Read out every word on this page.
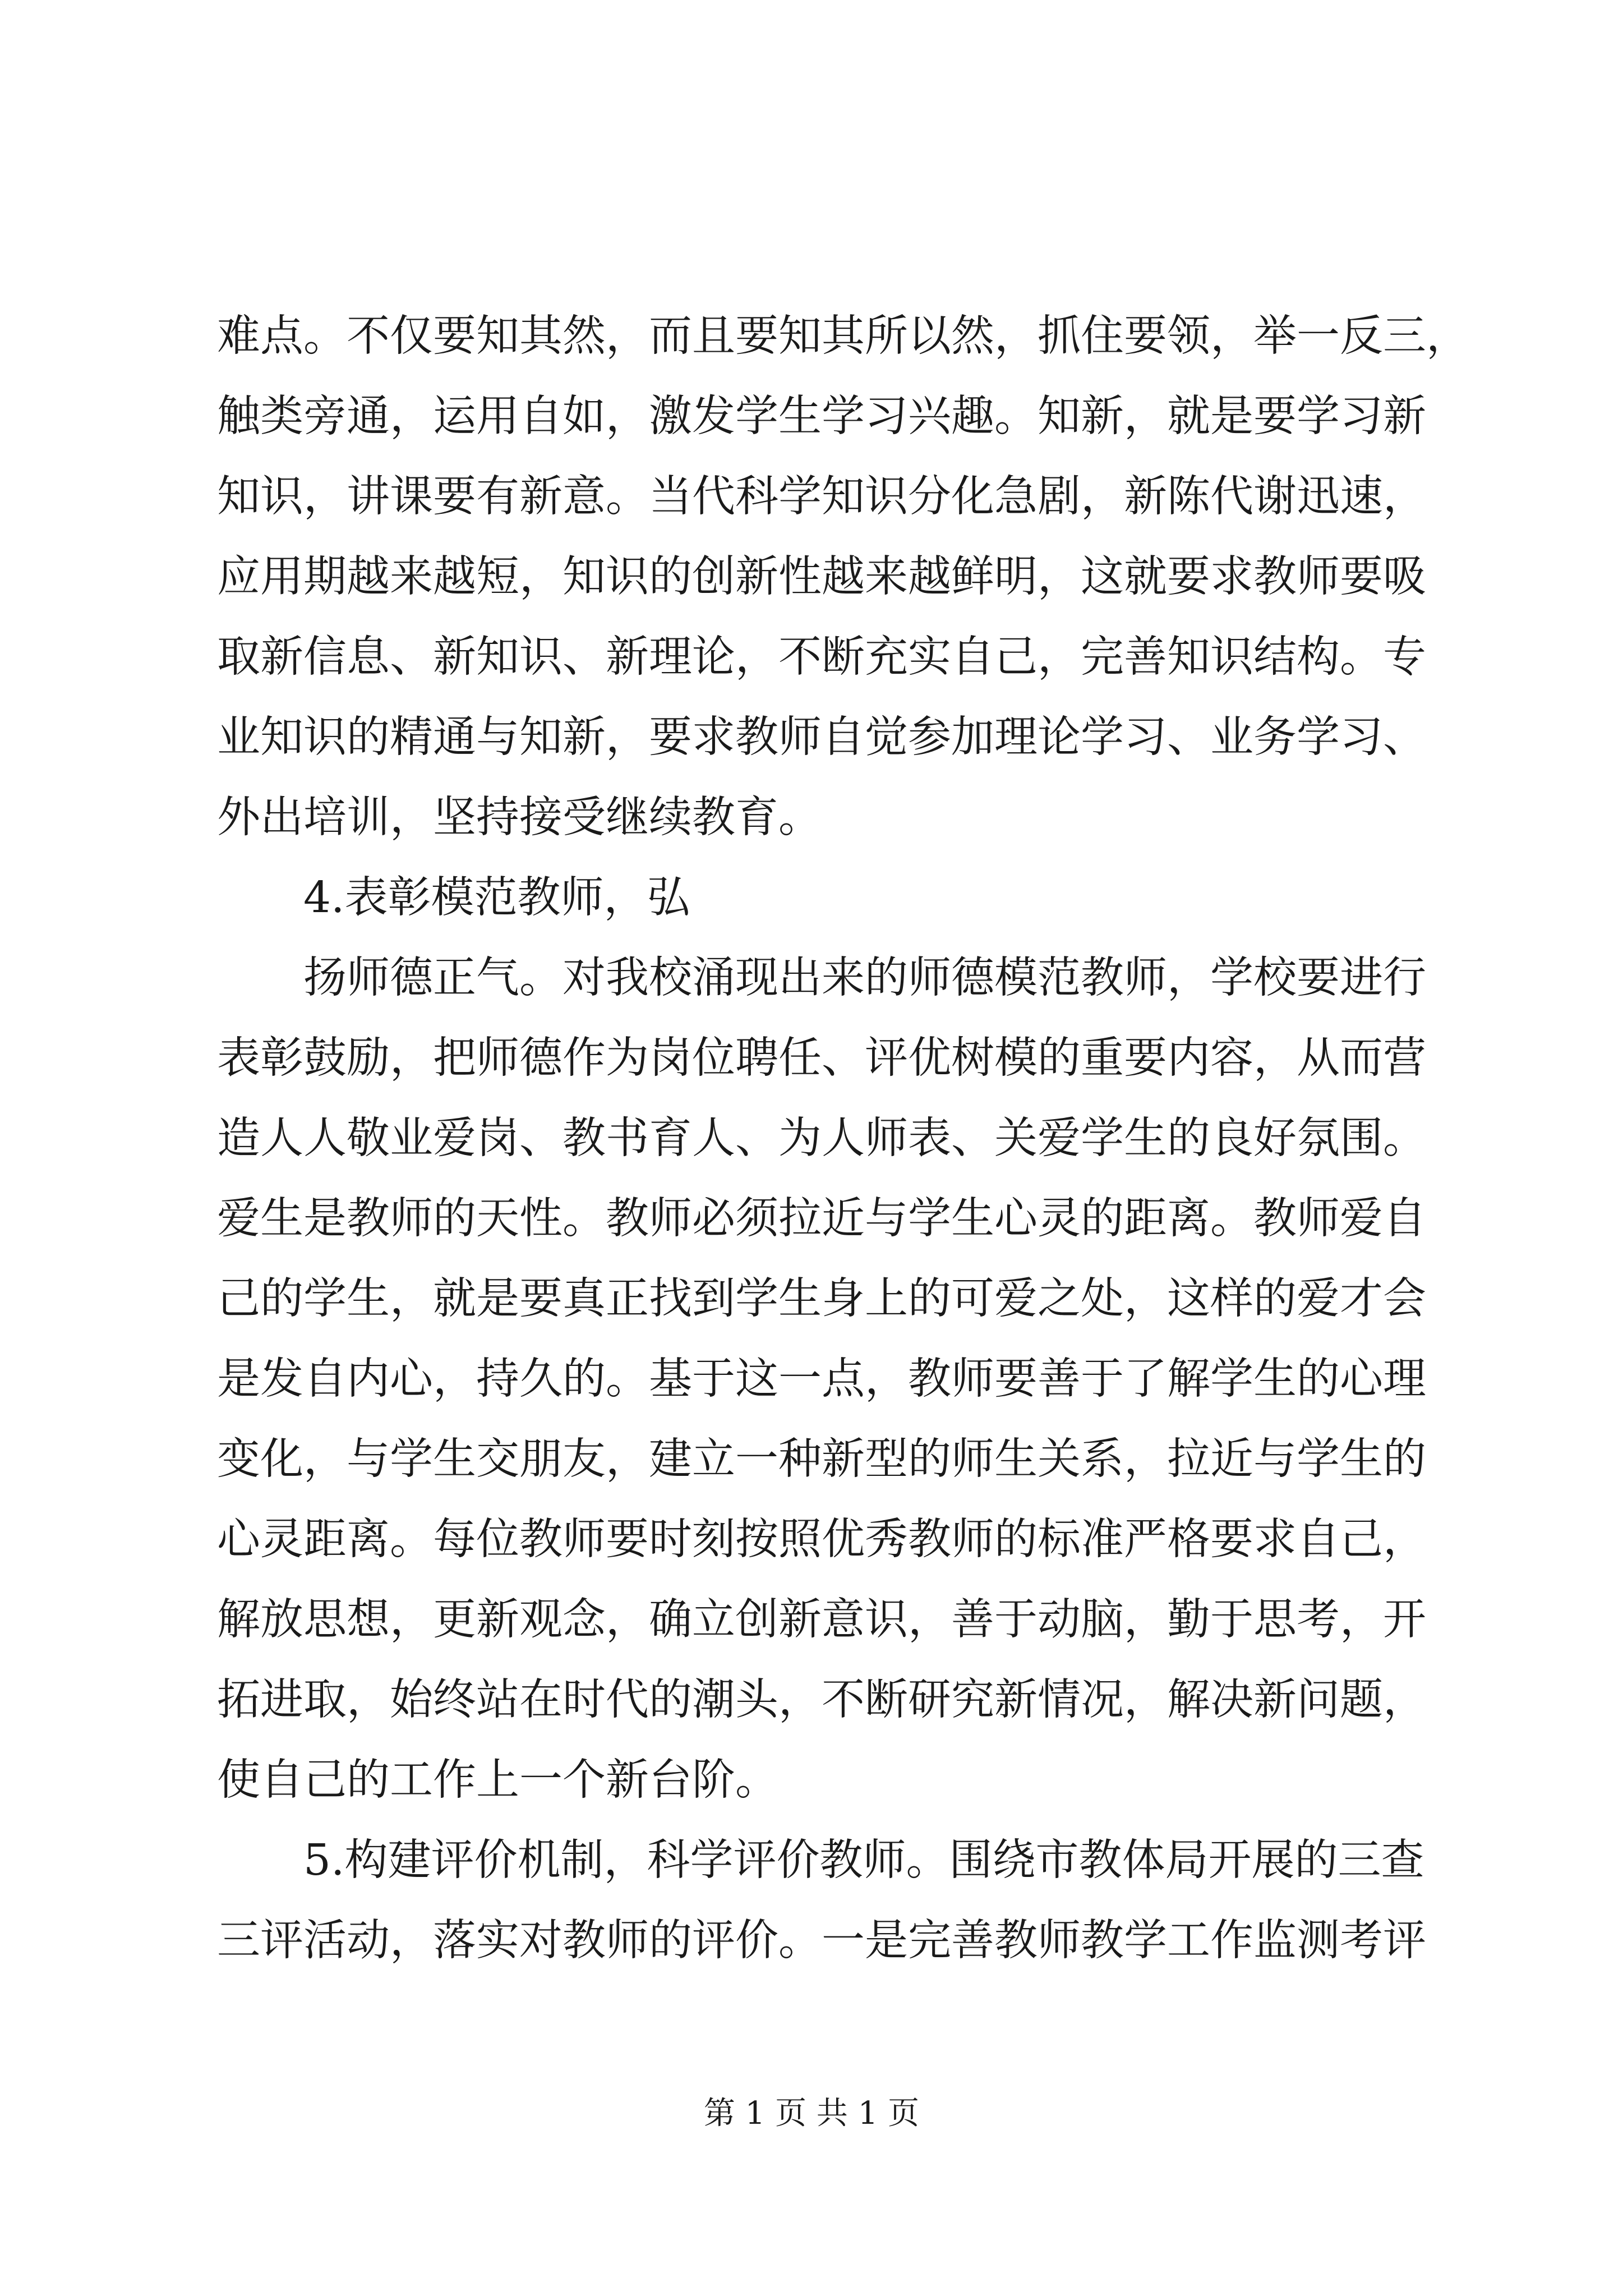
难点。不仅要知其然，而且要知其所以然，抓住要领，举一反三，
触类旁通，运用自如，激发学生学习兴趣。知新，就是要学习新
知识，讲课要有新意。当代科学知识分化急剧，新陈代谢迅速，
应用期越来越短，知识的创新性越来越鲜明，这就要求教师要吸
取新信息、新知识、新理论，不断充实自己，完善知识结构。专
业知识的精通与知新，要求教师自觉参加理论学习、业务学习、
外出培训，坚持接受继续教育。
4.表彰模范教师，弘
扬师德正气。对我校涌现出来的师德模范教师，学校要进行
表彰鼓励，把师德作为岗位聘任、评优树模的重要内容，从而营
造人人敬业爱岗、教书育人、为人师表、关爱学生的良好氛围。
爱生是教师的天性。教师必须拉近与学生心灵的距离。教师爱自
己的学生，就是要真正找到学生身上的可爱之处，这样的爱才会
是发自内心，持久的。基于这一点，教师要善于了解学生的心理
变化，与学生交朋友，建立一种新型的师生关系，拉近与学生的
心灵距离。每位教师要时刻按照优秀教师的标准严格要求自己，
解放思想，更新观念，确立创新意识，善于动脑，勤于思考，开
拓进取，始终站在时代的潮头，不断研究新情况，解决新问题，
使自己的工作上一个新台阶。
5.构建评价机制，科学评价教师。围绕市教体局开展的三查
三评活动，落实对教师的评价。一是完善教师教学工作监测考评
第 1 页 共 1 页
